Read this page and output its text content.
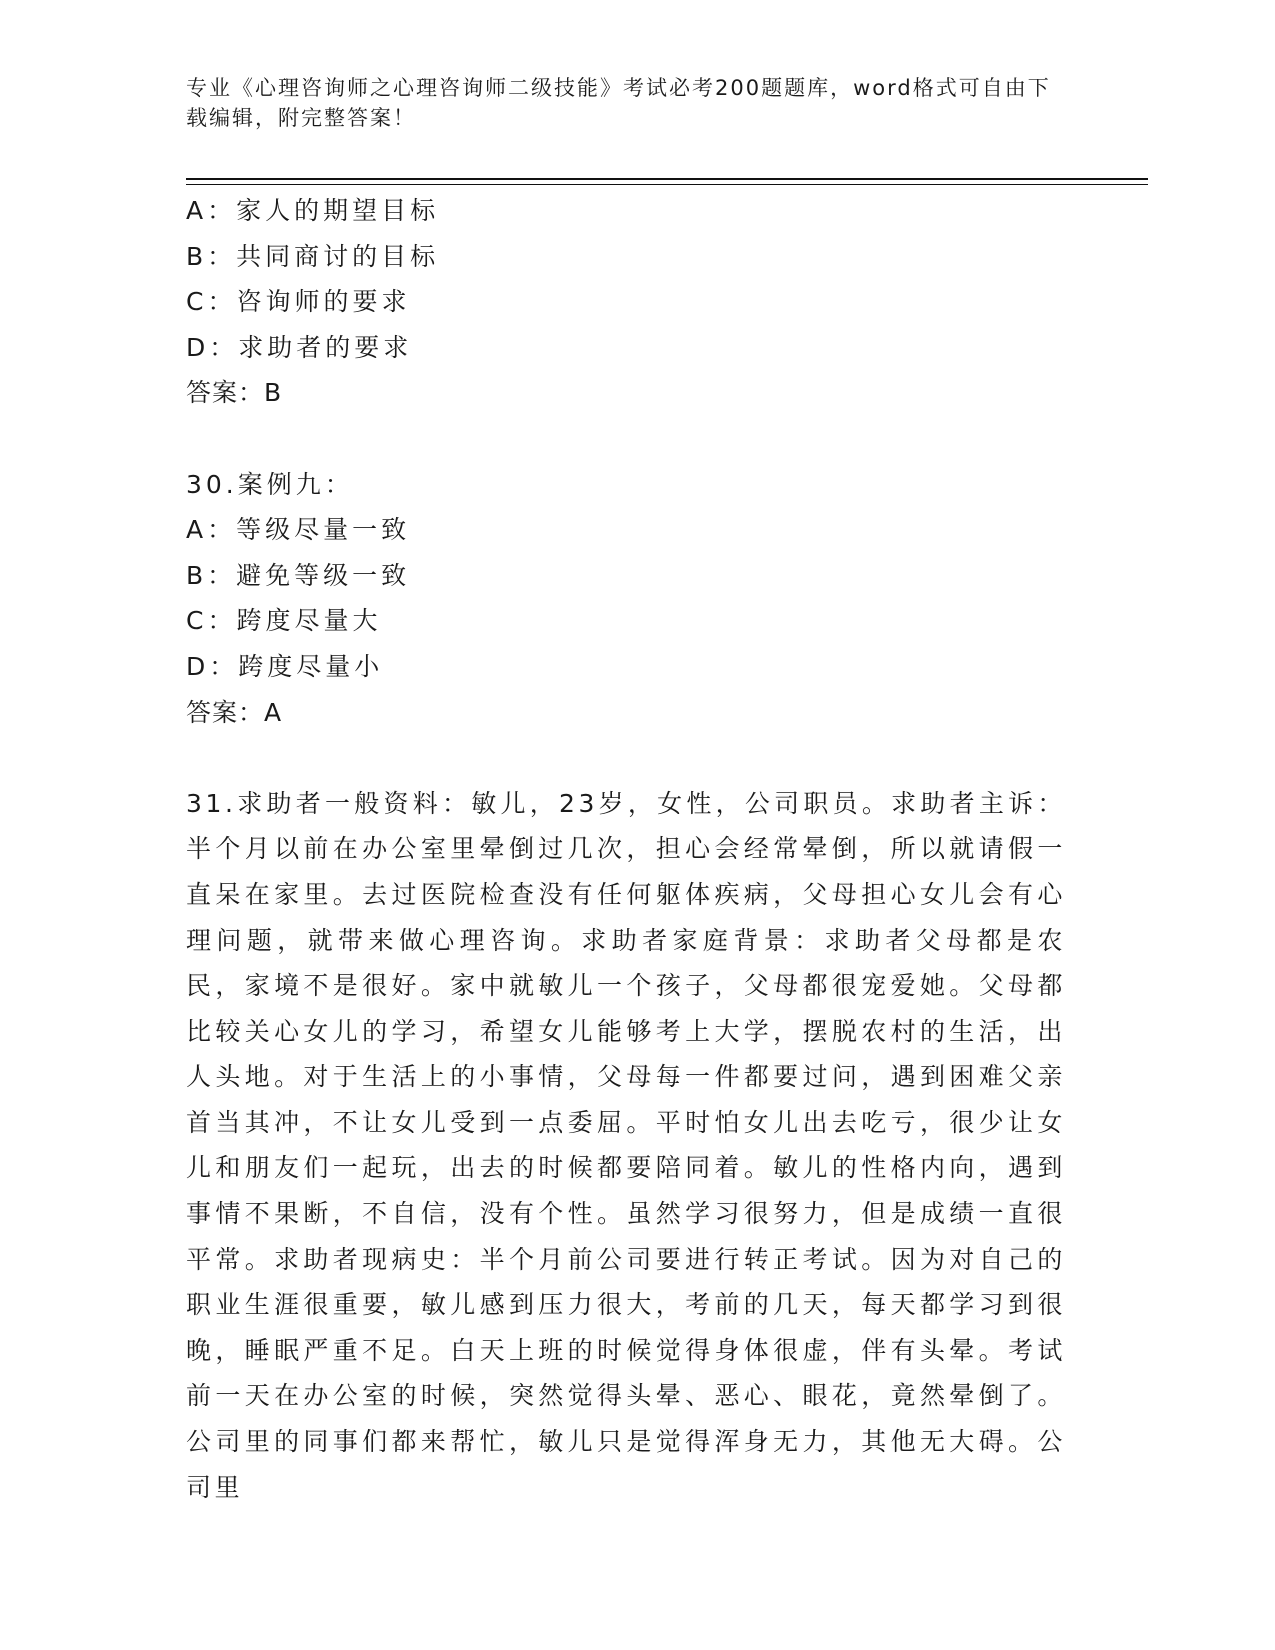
专业《心理咨询师之心理咨询师二级技能》考试必考200题题库，word格式可自由下载编辑，附完整答案！
A：家人的期望目标
B：共同商讨的目标
C：咨询师的要求
D：求助者的要求
答案：B
30.案例九：
A：等级尽量一致
B：避免等级一致
C：跨度尽量大
D：跨度尽量小
答案：A
31.求助者一般资料：敏儿，23岁，女性，公司职员。求助者主诉：半个月以前在办公室里晕倒过几次，担心会经常晕倒，所以就请假一直呆在家里。去过医院检查没有任何躯体疾病，父母担心女儿会有心理问题，就带来做心理咨询。求助者家庭背景：求助者父母都是农民，家境不是很好。家中就敏儿一个孩子，父母都很宠爱她。父母都比较关心女儿的学习，希望女儿能够考上大学，摆脱农村的生活，出人头地。对于生活上的小事情，父母每一件都要过问，遇到困难父亲首当其冲，不让女儿受到一点委屈。平时怕女儿出去吃亏，很少让女儿和朋友们一起玩，出去的时候都要陪同着。敏儿的性格内向，遇到事情不果断，不自信，没有个性。虽然学习很努力，但是成绩一直很平常。求助者现病史：半个月前公司要进行转正考试。因为对自己的职业生涯很重要，敏儿感到压力很大，考前的几天，每天都学习到很晚，睡眠严重不足。白天上班的时候觉得身体很虚，伴有头晕。考试前一天在办公室的时候，突然觉得头晕、恶心、眼花，竟然晕倒了。公司里的同事们都来帮忙，敏儿只是觉得浑身无力，其他无大碍。公司里
